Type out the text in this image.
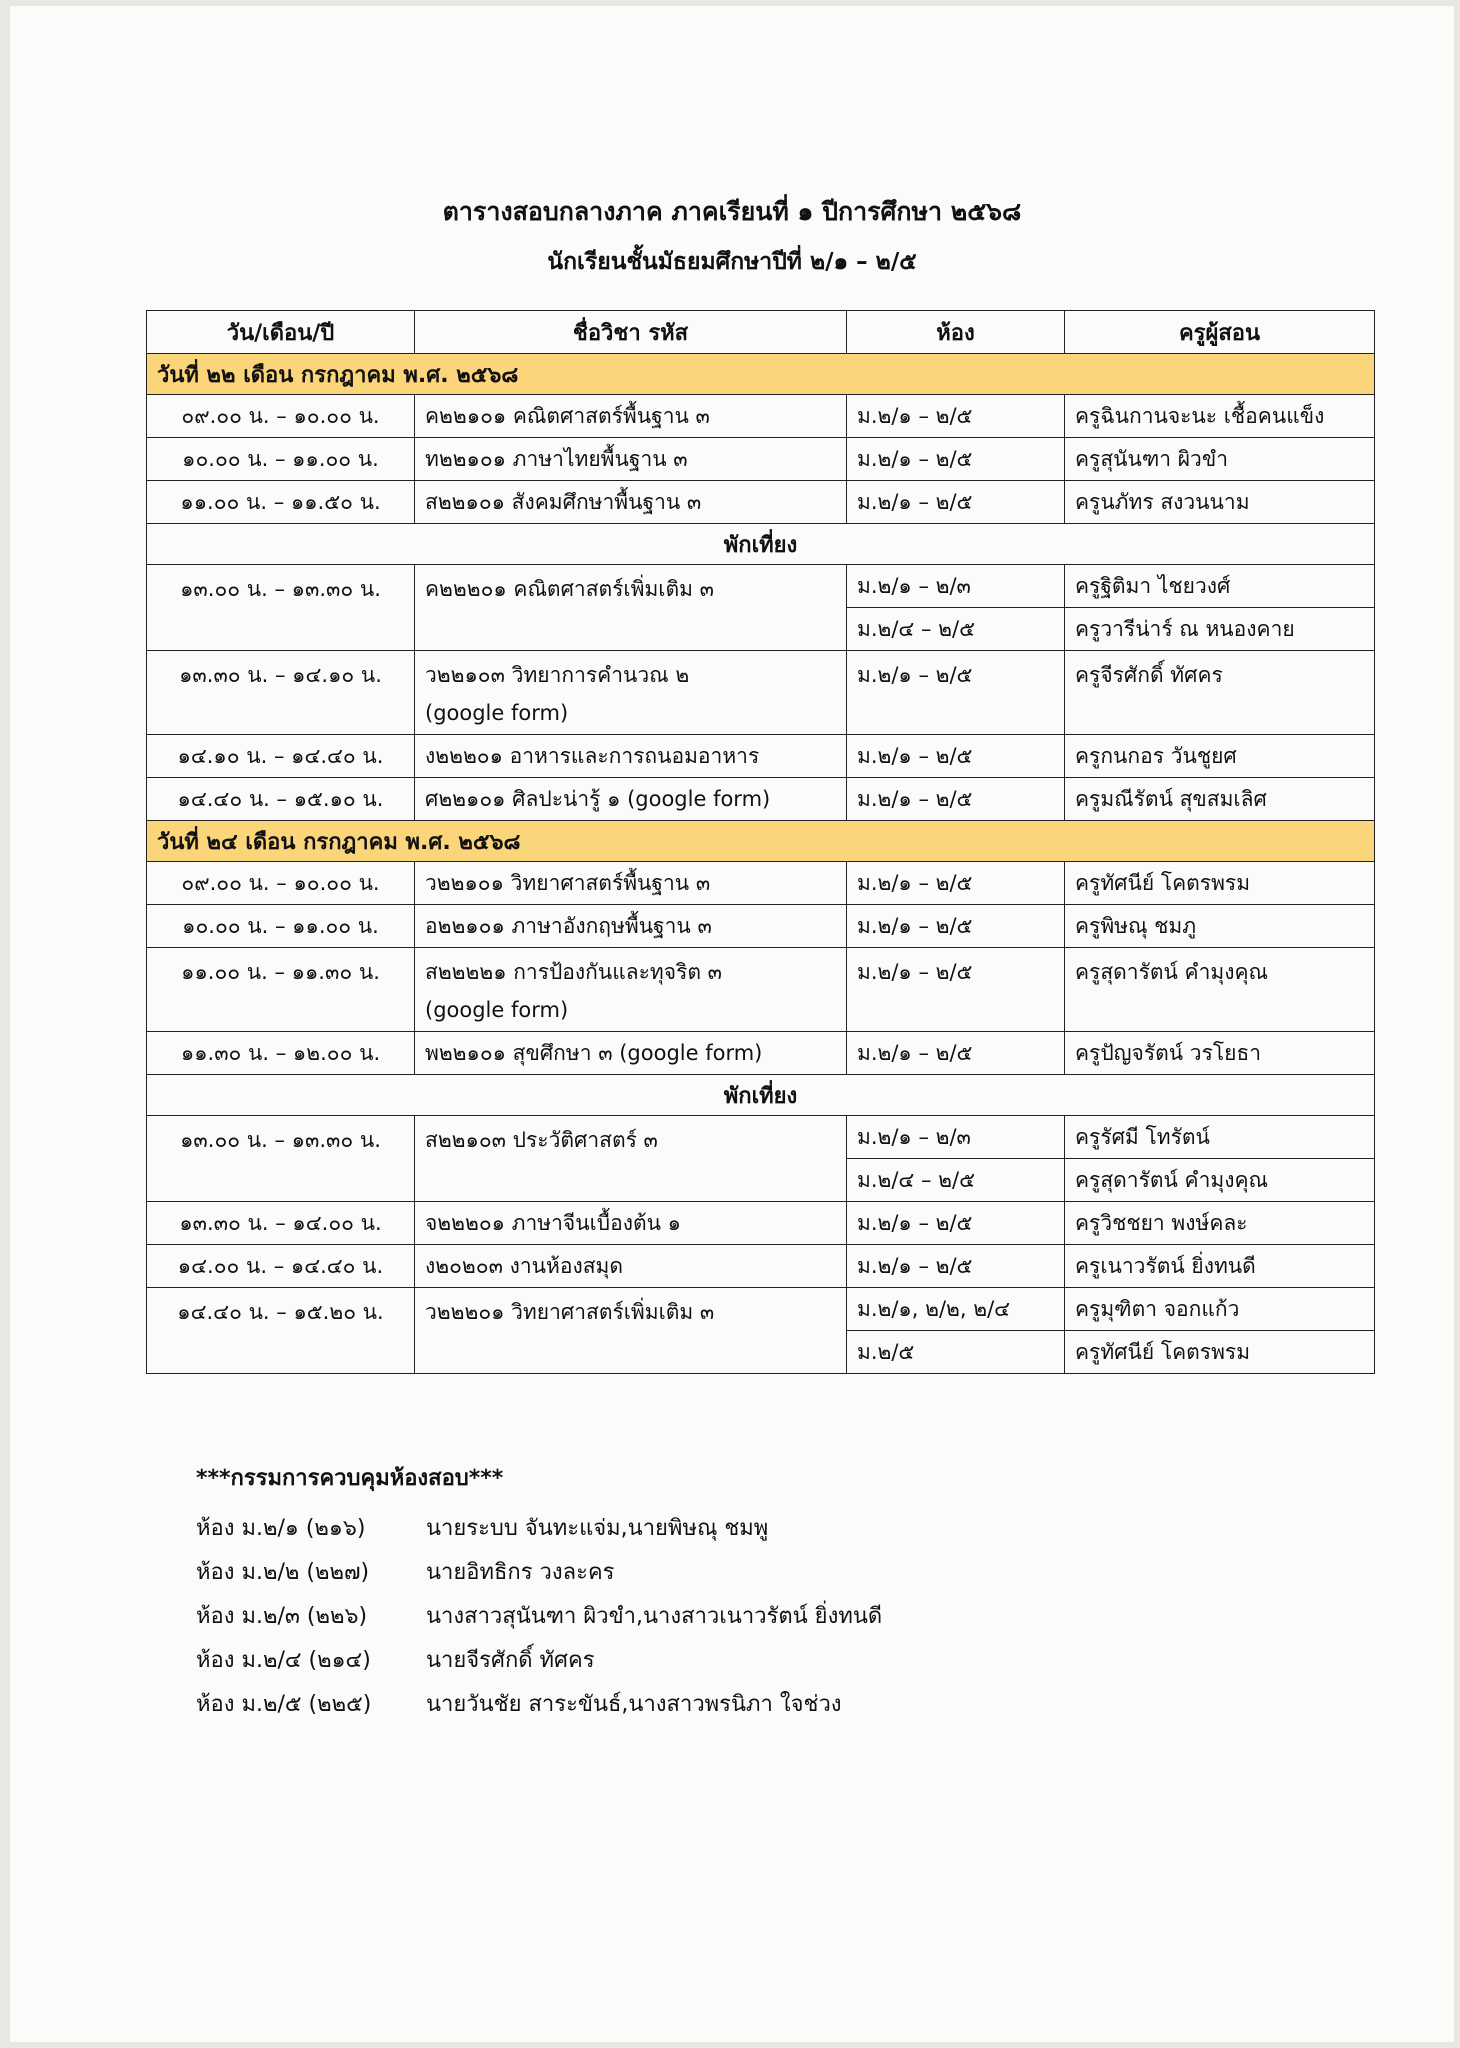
ตารางสอบกลางภาค ภาคเรียนที่ ๑ ปีการศึกษา ๒๕๖๘
นักเรียนชั้นมัธยมศึกษาปีที่ ๒/๑ – ๒/๕
วัน/เดือน/ปี	ชื่อวิชา รหัส	ห้อง	ครูผู้สอน
วันที่ ๒๒ เดือน กรกฎาคม พ.ศ. ๒๕๖๘			
๐๙.๐๐ น. – ๑๐.๐๐ น.	ค๒๒๑๐๑ คณิตศาสตร์พื้นฐาน ๓	ม.๒/๑ – ๒/๕	ครูฉินกานจะนะ เชื้อคนแข็ง
๑๐.๐๐ น. – ๑๑.๐๐ น.	ท๒๒๑๐๑ ภาษาไทยพื้นฐาน ๓	ม.๒/๑ – ๒/๕	ครูสุนันฑา ผิวขำ
๑๑.๐๐ น. – ๑๑.๕๐ น.	ส๒๒๑๐๑ สังคมศึกษาพื้นฐาน ๓	ม.๒/๑ – ๒/๕	ครูนภัทร สงวนนาม
พักเที่ยง			
๑๓.๐๐ น. – ๑๓.๓๐ น.	ค๒๒๒๐๑ คณิตศาสตร์เพิ่มเติม ๓	ม.๒/๑ – ๒/๓	ครูฐิติมา ไชยวงศ์
		ม.๒/๔ – ๒/๕	ครูวารีน่าร์ ณ หนองคาย
๑๓.๓๐ น. – ๑๔.๑๐ น.	ว๒๒๑๐๓ วิทยาการคำนวณ ๒
(google form)	ม.๒/๑ – ๒/๕	ครูจีรศักดิ์ ทัศคร
๑๔.๑๐ น. – ๑๔.๔๐ น.	ง๒๒๒๐๑ อาหารและการถนอมอาหาร	ม.๒/๑ – ๒/๕	ครูกนกอร วันชูยศ
๑๔.๔๐ น. – ๑๕.๑๐ น.	ศ๒๒๑๐๑ ศิลปะน่ารู้ ๑ (google form)	ม.๒/๑ – ๒/๕	ครูมณีรัตน์ สุขสมเลิศ
วันที่ ๒๔ เดือน กรกฎาคม พ.ศ. ๒๕๖๘			
๐๙.๐๐ น. – ๑๐.๐๐ น.	ว๒๒๑๐๑ วิทยาศาสตร์พื้นฐาน ๓	ม.๒/๑ – ๒/๕	ครูทัศนีย์ โคตรพรม
๑๐.๐๐ น. – ๑๑.๐๐ น.	อ๒๒๑๐๑ ภาษาอังกฤษพื้นฐาน ๓	ม.๒/๑ – ๒/๕	ครูพิษณุ ชมภู
๑๑.๐๐ น. – ๑๑.๓๐ น.	ส๒๒๒๒๑ การป้องกันและทุจริต ๓
(google form)	ม.๒/๑ – ๒/๕	ครูสุดารัตน์ คำมุงคุณ
๑๑.๓๐ น. – ๑๒.๐๐ น.	พ๒๒๑๐๑ สุขศึกษา ๓ (google form)	ม.๒/๑ – ๒/๕	ครูปัญจรัตน์ วรโยธา
พักเที่ยง			
๑๓.๐๐ น. – ๑๓.๓๐ น.	ส๒๒๑๐๓ ประวัติศาสตร์ ๓	ม.๒/๑ – ๒/๓	ครูรัศมี โทรัตน์
		ม.๒/๔ – ๒/๕	ครูสุดารัตน์ คำมุงคุณ
๑๓.๓๐ น. – ๑๔.๐๐ น.	จ๒๒๒๐๑ ภาษาจีนเบื้องต้น ๑	ม.๒/๑ – ๒/๕	ครูวิชชยา พงษ์คละ
๑๔.๐๐ น. – ๑๔.๔๐ น.	ง๒๐๒๐๓ งานห้องสมุด	ม.๒/๑ – ๒/๕	ครูเนาวรัตน์ ยิ่งทนดี
๑๔.๔๐ น. – ๑๕.๒๐ น.	ว๒๒๒๐๑ วิทยาศาสตร์เพิ่มเติม ๓	ม.๒/๑, ๒/๒, ๒/๔	ครูมุฑิตา จอกแก้ว
		ม.๒/๕	ครูทัศนีย์ โคตรพรม
***กรรมการควบคุมห้องสอบ***
ห้อง ม.๒/๑ (๒๑๖)	นายระบบ จันทะแจ่ม,นายพิษณุ ชมพู
ห้อง ม.๒/๒ (๒๒๗)	นายอิทธิกร วงละคร
ห้อง ม.๒/๓ (๒๒๖)	นางสาวสุนันฑา ผิวขำ,นางสาวเนาวรัตน์ ยิ่งทนดี
ห้อง ม.๒/๔ (๒๑๔)	นายจีรศักดิ์ ทัศคร
ห้อง ม.๒/๕ (๒๒๕)	นายวันชัย สาระขันธ์,นางสาวพรนิภา ใจช่วง
